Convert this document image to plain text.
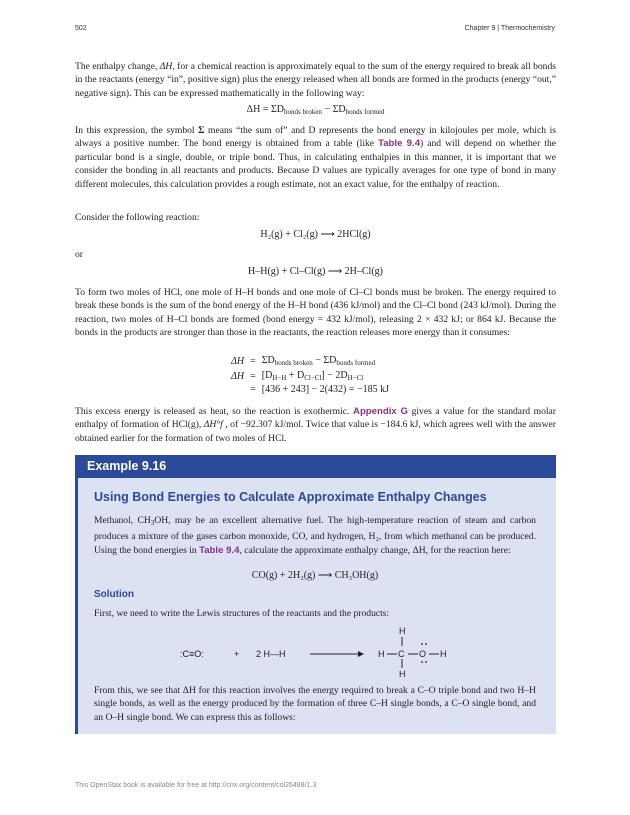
502	Chapter 9 | Thermochemistry

The enthalpy change, ΔH, for a chemical reaction is approximately equal to the sum of the energy required to break all bonds in the reactants (energy “in”, positive sign) plus the energy released when all bonds are formed in the products (energy “out,” negative sign). This can be expressed mathematically in the following way:

$\Delta H = \Sigma D_{bonds broken} - \Sigma D_{bonds formed}$

In this expression, the symbol Σ means “the sum of” and D represents the bond energy in kilojoules per mole, which is always a positive number. The bond energy is obtained from a table (like Table 9.4) and will depend on whether the particular bond is a single, double, or triple bond. Thus, in calculating enthalpies in this manner, it is important that we consider the bonding in all reactants and products. Because D values are typically averages for one type of bond in many different molecules, this calculation provides a rough estimate, not an exact value, for the enthalpy of reaction.

Consider the following reaction:

H₂(g) + Cl₂(g) ⟶ 2HCl(g)

or

H–H(g) + Cl–Cl(g) ⟶ 2H–Cl(g)

To form two moles of HCl, one mole of H–H bonds and one mole of Cl–Cl bonds must be broken. The energy required to break these bonds is the sum of the bond energy of the H–H bond (436 kJ/mol) and the Cl–Cl bond (243 kJ/mol). During the reaction, two moles of H–Cl bonds are formed (bond energy = 432 kJ/mol), releasing 2 × 432 kJ; or 864 kJ. Because the bonds in the products are stronger than those in the reactants, the reaction releases more energy than it consumes:

ΔH	=	$\Sigma D_{bonds broken} - \Sigma D_{bonds formed}$
ΔH	=	$[D_{H-H} + D_{Cl-Cl}] - 2D_{H-Cl}$
	=	[436 + 243] − 2(432) = −185 kJ

This excess energy is released as heat, so the reaction is exothermic. Appendix G gives a value for the standard molar enthalpy of formation of HCl(g), ΔH°f , of −92.307 kJ/mol. Twice that value is −184.6 kJ, which agrees well with the answer obtained earlier for the formation of two moles of HCl.

Example 9.16
Using Bond Energies to Calculate Approximate Enthalpy Changes

Methanol, $CH_3OH$, may be an excellent alternative fuel. The high-temperature reaction of steam and carbon produces a mixture of the gases carbon monoxide, CO, and hydrogen, H₂, from which methanol can be produced. Using the bond energies in Table 9.4, calculate the approximate enthalpy change, ΔH, for the reaction here:

CO(g) + 2H₂(g) ⟶ CH₃OH(g)
Solution

First, we need to write the Lewis structures of the reactants and the products:

:C≡O:	+ 2 H—H	H C
H
H
O H

From this, we see that ΔH for this reaction involves the energy required to break a C–O triple bond and two H–H single bonds, as well as the energy produced by the formation of three C–H single bonds, a C–O single bond, and an O–H single bond. We can express this as follows:

This OpenStax book is available for free at http://cnx.org/content/col26488/1.3
